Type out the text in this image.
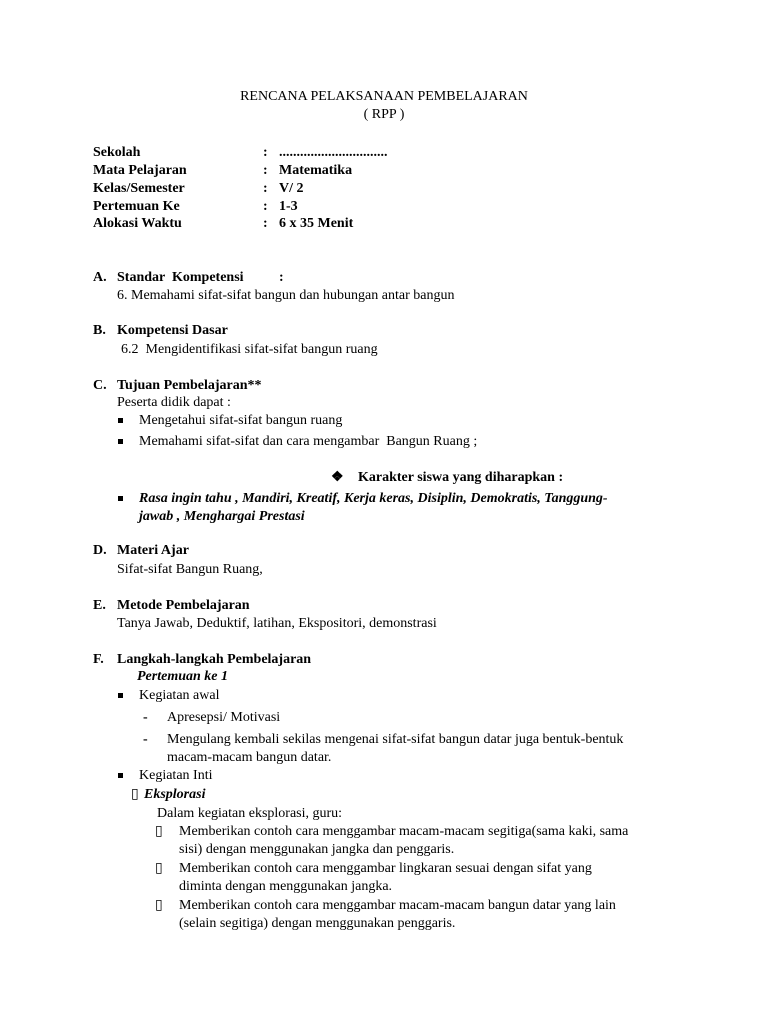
RENCANA PELAKSANAAN PEMBELAJARAN
( RPP )
Sekolah	: ...............................
Mata Pelajaran	: Matematika
Kelas/Semester	: V/ 2
Pertemuan Ke	: 1-3
Alokasi Waktu	: 6 x 35 Menit
A. Standar  Kompetensi	:
6. Memahami sifat-sifat bangun dan hubungan antar bangun
B. Kompetensi Dasar
6.2  Mengidentifikasi sifat-sifat bangun ruang
C. Tujuan Pembelajaran**
Peserta didik dapat :
Mengetahui sifat-sifat bangun ruang
Memahami sifat-sifat dan cara mengambar  Bangun Ruang ;
❖ Karakter siswa yang diharapkan :
Rasa ingin tahu , Mandiri, Kreatif, Kerja keras, Disiplin, Demokratis, Tanggung-
jawab , Menghargai Prestasi
D. Materi Ajar
Sifat-sifat Bangun Ruang,
E. Metode Pembelajaran
Tanya Jawab, Deduktif, latihan, Ekspositori, demonstrasi
F. Langkah-langkah Pembelajaran
Pertemuan ke 1
Kegiatan awal
- Apresepsi/ Motivasi
- Mengulang kembali sekilas mengenai sifat-sifat bangun datar juga bentuk-bentuk
macam-macam bangun datar.
Kegiatan Inti
▯ Eksplorasi
Dalam kegiatan eksplorasi, guru:
▯ Memberikan contoh cara menggambar macam-macam segitiga(sama kaki, sama
sisi) dengan menggunakan jangka dan penggaris.
▯ Memberikan contoh cara menggambar lingkaran sesuai dengan sifat yang
diminta dengan menggunakan jangka.
▯ Memberikan contoh cara menggambar macam-macam bangun datar yang lain
(selain segitiga) dengan menggunakan penggaris.
